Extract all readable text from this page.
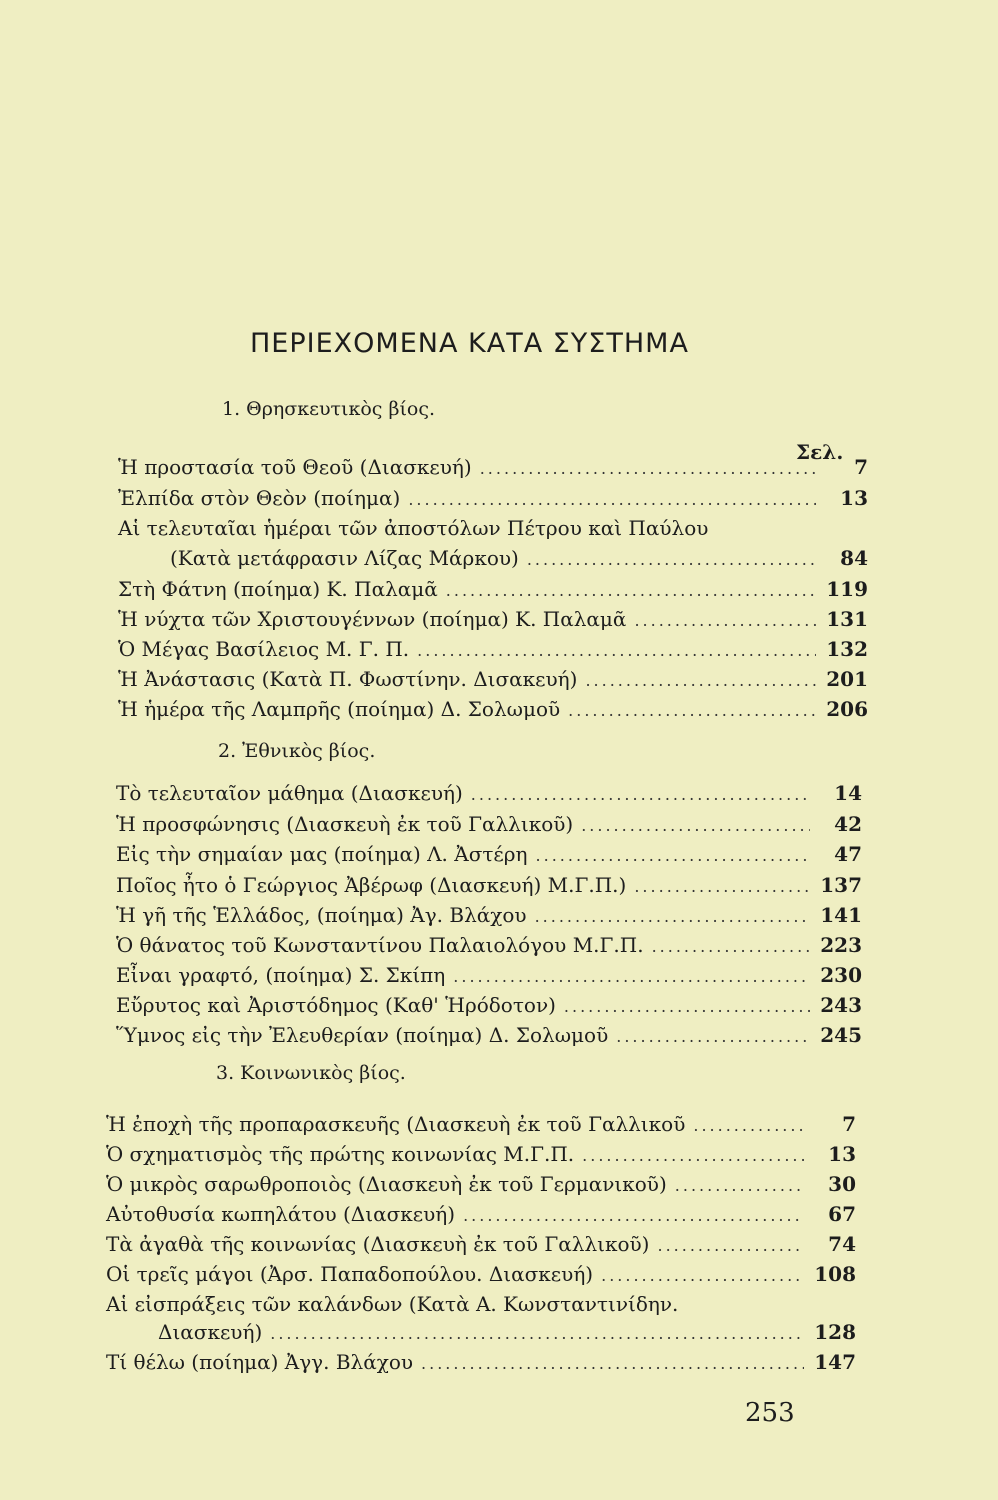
ΠΕΡΙΕΧΟΜΕΝΑ ΚΑΤΑ ΣΥΣΤΗΜΑ
1. Θρησκευτικὸς βίος.
Σελ.
Ἡ προστασία τοῦ Θεοῦ (Διασκευή) .....	7
Ἐλπίδα στὸν Θεὸν (ποίημα) .....	13
Αἱ τελευταῖαι ἡμέραι τῶν ἀποστόλων Πέτρου καὶ Παύλου
(Κατὰ μετάφρασιν Λίζας Μάρκου) .....	84
Στὴ Φάτνη (ποίημα) Κ. Παλαμᾶ .....	119
Ἡ νύχτα τῶν Χριστουγέννων (ποίημα) Κ. Παλαμᾶ .....	131
Ὁ Μέγας Βασίλειος Μ. Γ. Π. .....	132
Ἡ Ἀνάστασις (Κατὰ Π. Φωστίνην. Δισακευή) .....	201
Ἡ ἡμέρα τῆς Λαμπρῆς (ποίημα) Δ. Σολωμοῦ .....	206
2. Ἐθνικὸς βίος.
Τὸ τελευταῖον μάθημα (Διασκευή) .....	14
Ἡ προσφώνησις (Διασκευὴ ἐκ τοῦ Γαλλικοῦ) .....	42
Εἰς τὴν σημαίαν μας (ποίημα) Λ. Ἀστέρη .....	47
Ποῖος ἦτο ὁ Γεώργιος Ἀβέρωφ (Διασκευή) Μ.Γ.Π.) .....	137
Ἡ γῆ τῆς Ἑλλάδος, (ποίημα) Ἀγ. Βλάχου .....	141
Ὁ θάνατος τοῦ Κωνσταντίνου Παλαιολόγου Μ.Γ.Π. .....	223
Εἶναι γραφτό, (ποίημα) Σ. Σκίπη .....	230
Εὔρυτος καὶ Ἀριστόδημος (Καθ' Ἡρόδοτον) .....	243
Ὕμνος εἰς τὴν Ἐλευθερίαν (ποίημα) Δ. Σολωμοῦ .....	245
3. Κοινωνικὸς βίος.
Ἡ ἐποχὴ τῆς προπαρασκευῆς (Διασκευὴ ἐκ τοῦ Γαλλικοῦ .....	7
Ὁ σχηματισμὸς τῆς πρώτης κοινωνίας Μ.Γ.Π. .....	13
Ὁ μικρὸς σαρωθροποιὸς (Διασκευὴ ἐκ τοῦ Γερμανικοῦ) .....	30
Αὐτοθυσία κωπηλάτου (Διασκευή) .....	67
Τὰ ἀγαθὰ τῆς κοινωνίας (Διασκευὴ ἐκ τοῦ Γαλλικοῦ) .....	74
Οἱ τρεῖς μάγοι (Ἀρσ. Παπαδοπούλου. Διασκευή) .....	108
Αἱ εἰσπράξεις τῶν καλάνδων (Κατὰ Α. Κωνσταντινίδην.
Διασκευή) .....	128
Τί θέλω (ποίημα) Ἀγγ. Βλάχου .....	147
253
